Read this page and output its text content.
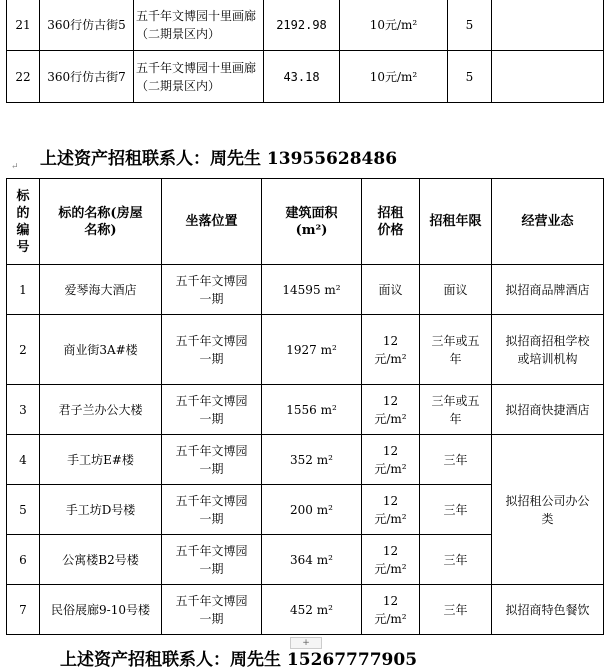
21	360行仿古街5	五千年文博园十里画廊（二期景区内）	2192.98	10元/m²	5	
22	360行仿古街7	五千年文博园十里画廊（二期景区内）	43.18	10元/m²	5	
↵ 上述资产招租联系人：周先生 13955628486
标的编号	标的名称(房屋名称)	坐落位置	建筑面积(m²)	招租价格	招租年限	经营业态
1	爱琴海大酒店	五千年文博园一期	14595 m²	面议	面议	拟招商品牌酒店
2	商业街3A#楼	五千年文博园一期	1927 m²	12元/m²	三年或五年	拟招商招租学校或培训机构
3	君子兰办公大楼	五千年文博园一期	1556 m²	12元/m²	三年或五年	拟招商快捷酒店
4	手工坊E#楼	五千年文博园一期	352 m²	12元/m²	三年	拟招租公司办公类
5	手工坊D号楼	五千年文博园一期	200 m²	12元/m²	三年	
6	公寓楼B2号楼	五千年文博园一期	364 m²	12元/m²	三年	
7	民俗展廊9-10号楼	五千年文博园一期	452 m²	12元/m²	三年	拟招商特色餐饮
+
上述资产招租联系人：周先生 15267777905
